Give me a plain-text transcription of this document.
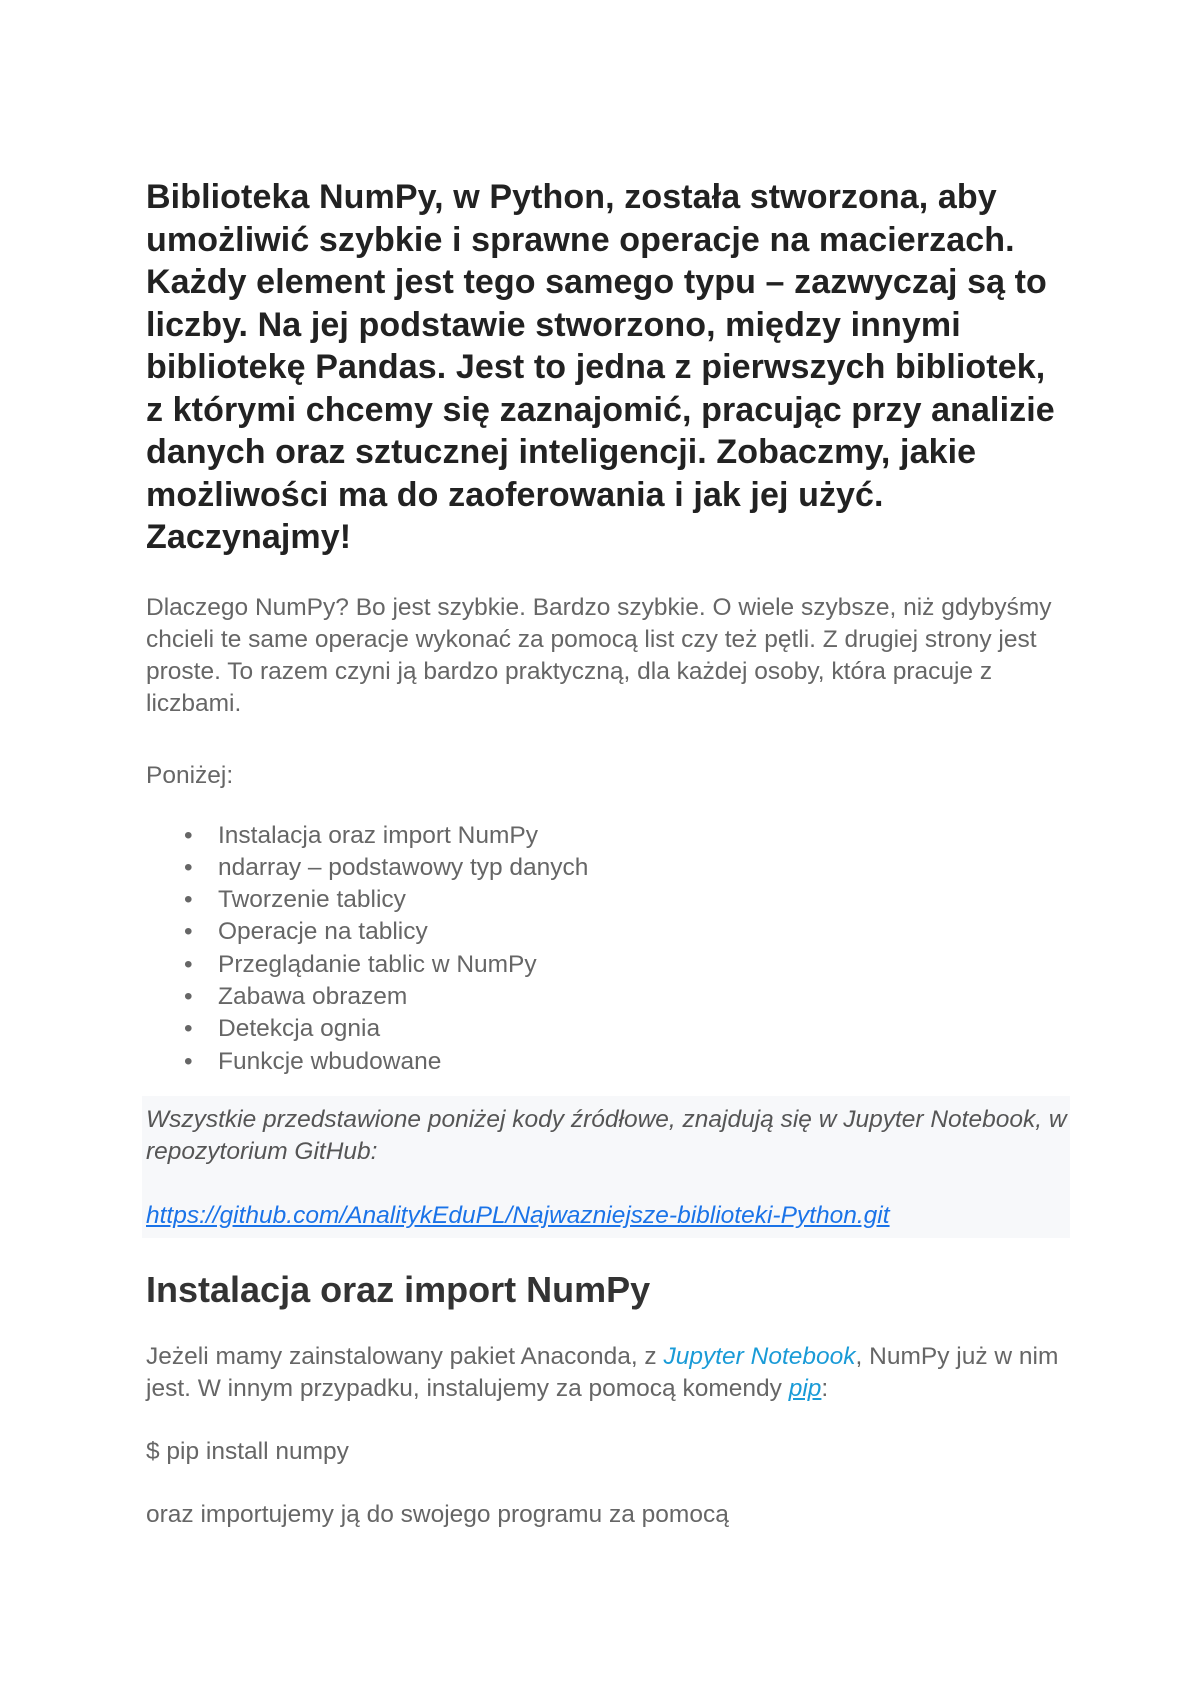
Biblioteka NumPy, w Python, została stworzona, aby umożliwić szybkie i sprawne operacje na macierzach. Każdy element jest tego samego typu – zazwyczaj są to liczby. Na jej podstawie stworzono, między innymi bibliotekę Pandas. Jest to jedna z pierwszych bibliotek, z którymi chcemy się zaznajomić, pracując przy analizie danych oraz sztucznej inteligencji. Zobaczmy, jakie możliwości ma do zaoferowania i jak jej użyć. Zaczynajmy!

Dlaczego NumPy? Bo jest szybkie. Bardzo szybkie. O wiele szybsze, niż gdybyśmy chcieli te same operacje wykonać za pomocą list czy też pętli. Z drugiej strony jest proste. To razem czyni ją bardzo praktyczną, dla każdej osoby, która pracuje z liczbami.

Poniżej:

• Instalacja oraz import NumPy
• ndarray – podstawowy typ danych
• Tworzenie tablicy
• Operacje na tablicy
• Przeglądanie tablic w NumPy
• Zabawa obrazem
• Detekcja ognia
• Funkcje wbudowane

Wszystkie przedstawione poniżej kody źródłowe, znajdują się w Jupyter Notebook, w repozytorium GitHub:

https://github.com/AnalitykEduPL/Najwazniejsze-biblioteki-Python.git
Instalacja oraz import NumPy

Jeżeli mamy zainstalowany pakiet Anaconda, z Jupyter Notebook, NumPy już w nim jest. W innym przypadku, instalujemy za pomocą komendy pip:

$ pip install numpy

oraz importujemy ją do swojego programu za pomocą
